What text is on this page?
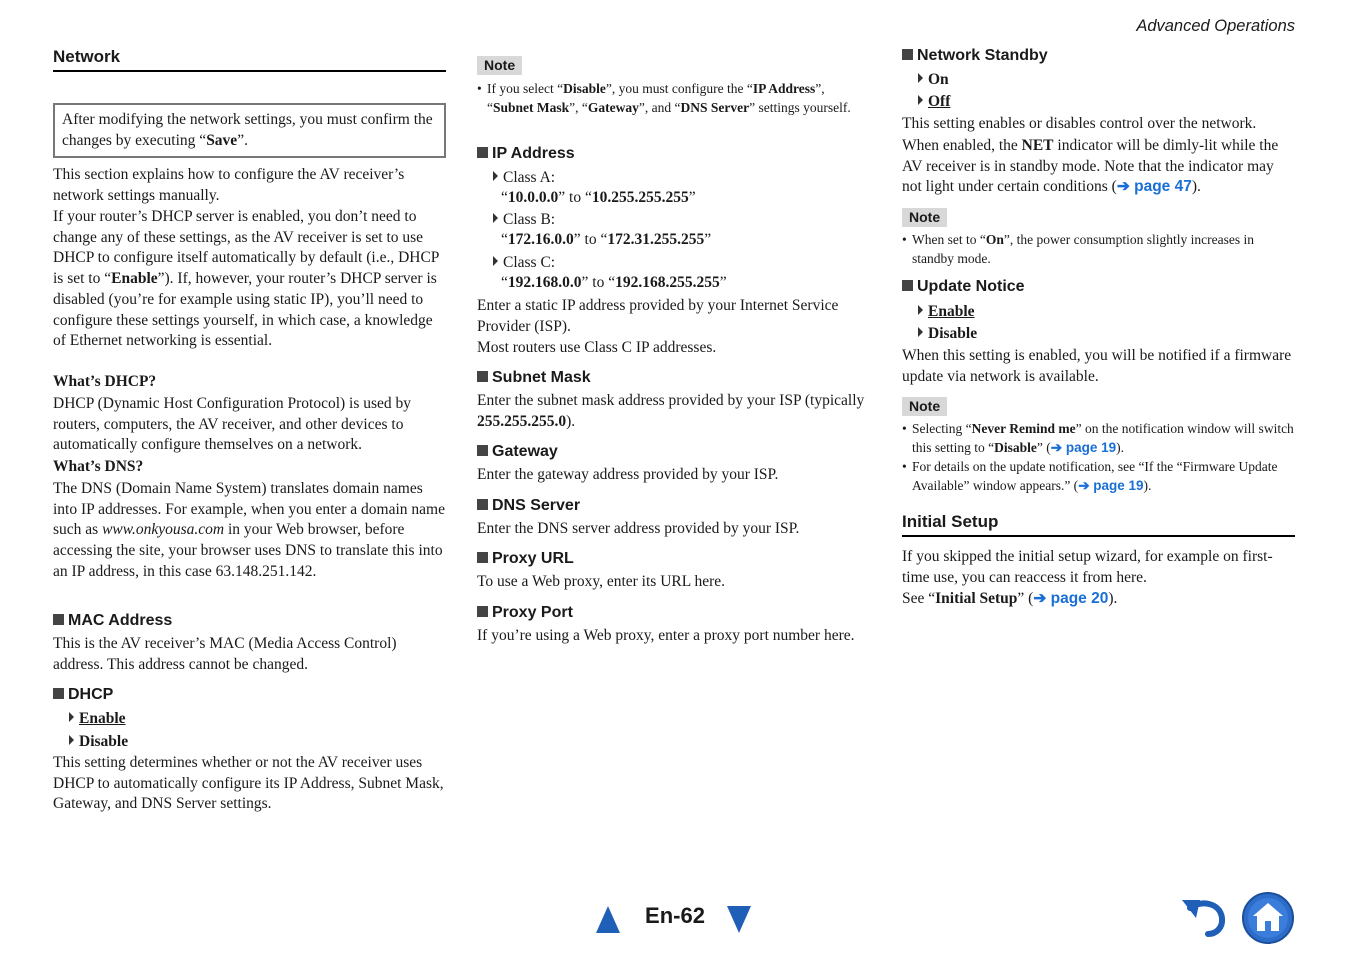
Advanced Operations
Network
After modifying the network settings, you must confirm the changes by executing “Save”.

This section explains how to configure the AV receiver’s network settings manually.

If your router’s DHCP server is enabled, you don’t need to change any of these settings, as the AV receiver is set to use DHCP to configure itself automatically by default (i.e., DHCP is set to “Enable”). If, however, your router’s DHCP server is disabled (you’re for example using static IP), you’ll need to configure these settings yourself, in which case, a knowledge of Ethernet networking is essential.

What’s DHCP?

DHCP (Dynamic Host Configuration Protocol) is used by routers, computers, the AV receiver, and other devices to automatically configure themselves on a network.

What’s DNS?

The DNS (Domain Name System) translates domain names into IP addresses. For example, when you enter a domain name such as www.onkyousa.com in your Web browser, before accessing the site, your browser uses DNS to translate this into an IP address, in this case 63.148.251.142.

MAC Address

This is the AV receiver’s MAC (Media Access Control) address. This address cannot be changed.

DHCP
Enable
Disable

This setting determines whether or not the AV receiver uses DHCP to automatically configure its IP Address, Subnet Mask, Gateway, and DNS Server settings.

Note
• If you select “Disable”, you must configure the “IP Address”, “Subnet Mask”, “Gateway”, and “DNS Server” settings yourself.
IP Address
Class A:
“10.0.0.0” to “10.255.255.255”
Class B:
“172.16.0.0” to “172.31.255.255”
Class C:
“192.168.0.0” to “192.168.255.255”

Enter a static IP address provided by your Internet Service Provider (ISP).

Most routers use Class C IP addresses.

Subnet Mask

Enter the subnet mask address provided by your ISP (typically 255.255.255.0).

Gateway

Enter the gateway address provided by your ISP.

DNS Server

Enter the DNS server address provided by your ISP.

Proxy URL

To use a Web proxy, enter its URL here.

Proxy Port

If you’re using a Web proxy, enter a proxy port number here.

Network Standby
On
Off

This setting enables or disables control over the network.

When enabled, the NET indicator will be dimly-lit while the AV receiver is in standby mode. Note that the indicator may not light under certain conditions (➔ page 47).

Note
• When set to “On”, the power consumption slightly increases in standby mode.
Update Notice
Enable
Disable

When this setting is enabled, you will be notified if a firmware update via network is available.

Note
• Selecting “Never Remind me” on the notification window will switch this setting to “Disable” (➔ page 19).
• For details on the update notification, see “If the “Firmware Update Available” window appears.” (➔ page 19).
Initial Setup

If you skipped the initial setup wizard, for example on first-time use, you can reaccess it from here.

See “Initial Setup” (➔ page 20).

En-62
